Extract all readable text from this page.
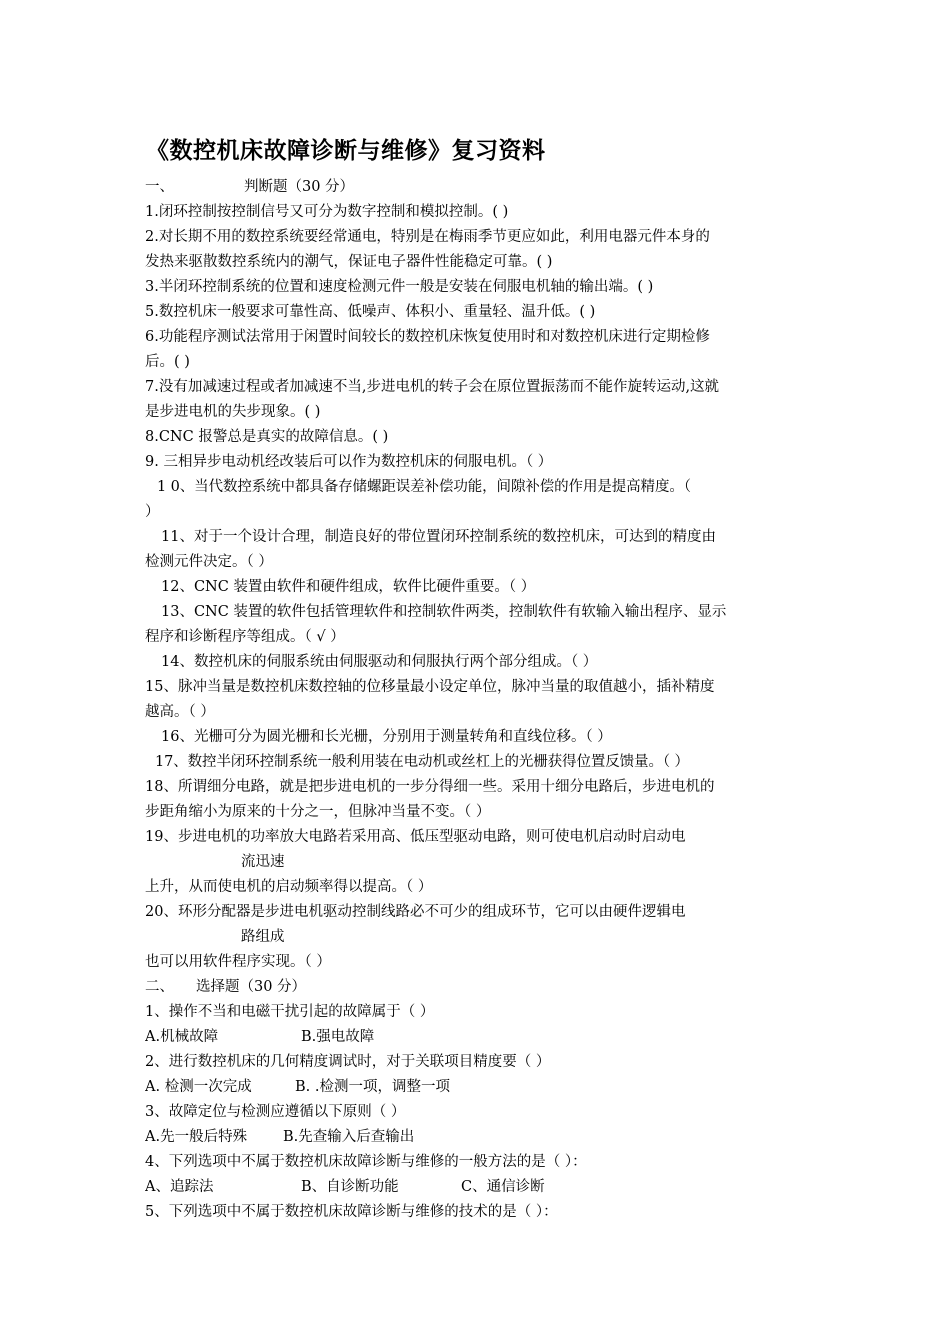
《数控机床故障诊断与维修》复习资料
一、	判断题（30 分）
1.闭环控制按控制信号又可分为数字控制和模拟控制。( )
2.对长期不用的数控系统要经常通电，特别是在梅雨季节更应如此，利用电器元件本身的
发热来驱散数控系统内的潮气，保证电子器件性能稳定可靠。( )
3.半闭环控制系统的位置和速度检测元件一般是安装在伺服电机轴的输出端。( )
5.数控机床一般要求可靠性高、低噪声、体积小、重量轻、温升低。( )
6.功能程序测试法常用于闲置时间较长的数控机床恢复使用时和对数控机床进行定期检修
后。( )
7.没有加减速过程或者加减速不当,步进电机的转子会在原位置振荡而不能作旋转运动,这就
是步进电机的失步现象。( )
8.CNC 报警总是真实的故障信息。( )
9. 三相异步电动机经改装后可以作为数控机床的伺服电机。（ ）
1 0、当代数控系统中都具备存储螺距误差补偿功能，间隙补偿的作用是提高精度。（
）
11、对于一个设计合理，制造良好的带位置闭环控制系统的数控机床，可达到的精度由
检测元件决定。（ ）
12、CNC 装置由软件和硬件组成，软件比硬件重要。（ ）
13、CNC 装置的软件包括管理软件和控制软件两类，控制软件有软输入输出程序、显示
程序和诊断程序等组成。（ √ ）
14、数控机床的伺服系统由伺服驱动和伺服执行两个部分组成。（ ）
15、脉冲当量是数控机床数控轴的位移量最小设定单位，脉冲当量的取值越小，插补精度
越高。（ ）
16、光栅可分为圆光栅和长光栅，分别用于测量转角和直线位移。（ ）
17、数控半闭环控制系统一般利用装在电动机或丝杠上的光栅获得位置反馈量。（ ）
18、所谓细分电路，就是把步进电机的一步分得细一些。采用十细分电路后，步进电机的
步距角缩小为原来的十分之一，但脉冲当量不变。（ ）
19、步进电机的功率放大电路若采用高、低压型驱动电路，则可使电机启动时启动电
流迅速
上升，从而使电机的启动频率得以提高。（ ）
20、环形分配器是步进电机驱动控制线路必不可少的组成环节，它可以由硬件逻辑电
路组成
也可以用软件程序实现。（ ）
二、 选择题（30 分）
1、操作不当和电磁干扰引起的故障属于（ ）
A.机械故障	B.强电故障
2、进行数控机床的几何精度调试时，对于关联项目精度要（ ）
A. 检测一次完成	B. .检测一项，调整一项
3、故障定位与检测应遵循以下原则（ ）
A.先一般后特殊 B.先查输入后查输出
4、下列选项中不属于数控机床故障诊断与维修的一般方法的是（ ）：
A、追踪法	B、自诊断功能	C、通信诊断
5、下列选项中不属于数控机床故障诊断与维修的技术的是（ ）：
